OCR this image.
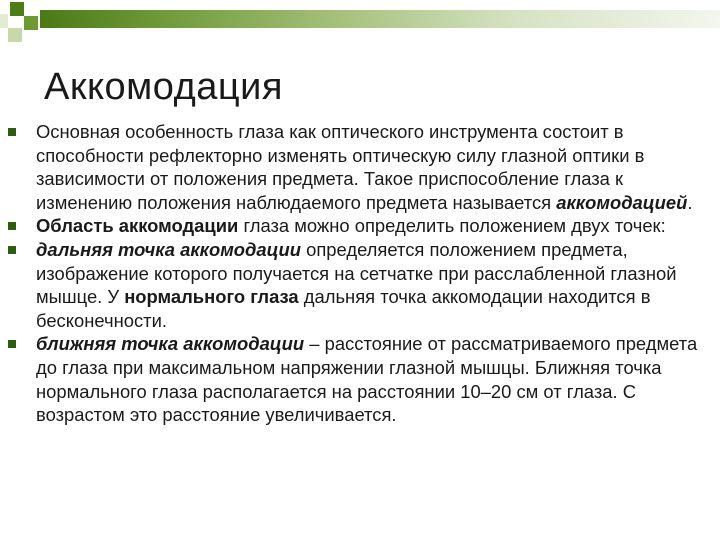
Аккомодация
Основная особенность глаза как оптического инструмента состоит в способности рефлекторно изменять оптическую силу глазной оптики в зависимости от положения предмета. Такое приспособление глаза к изменению положения наблюдаемого предмета называется аккомодацией.
Область аккомодации глаза можно определить положением двух точек:
дальняя точка аккомодации определяется положением предмета, изображение которого получается на сетчатке при расслабленной глазной мышце. У нормального глаза дальняя точка аккомодации находится в бесконечности.
ближняя точка аккомодации – расстояние от рассматриваемого предмета до глаза при максимальном напряжении глазной мышцы. Ближняя точка нормального глаза располагается на расстоянии 10–20 см от глаза. С возрастом это расстояние увеличивается.
